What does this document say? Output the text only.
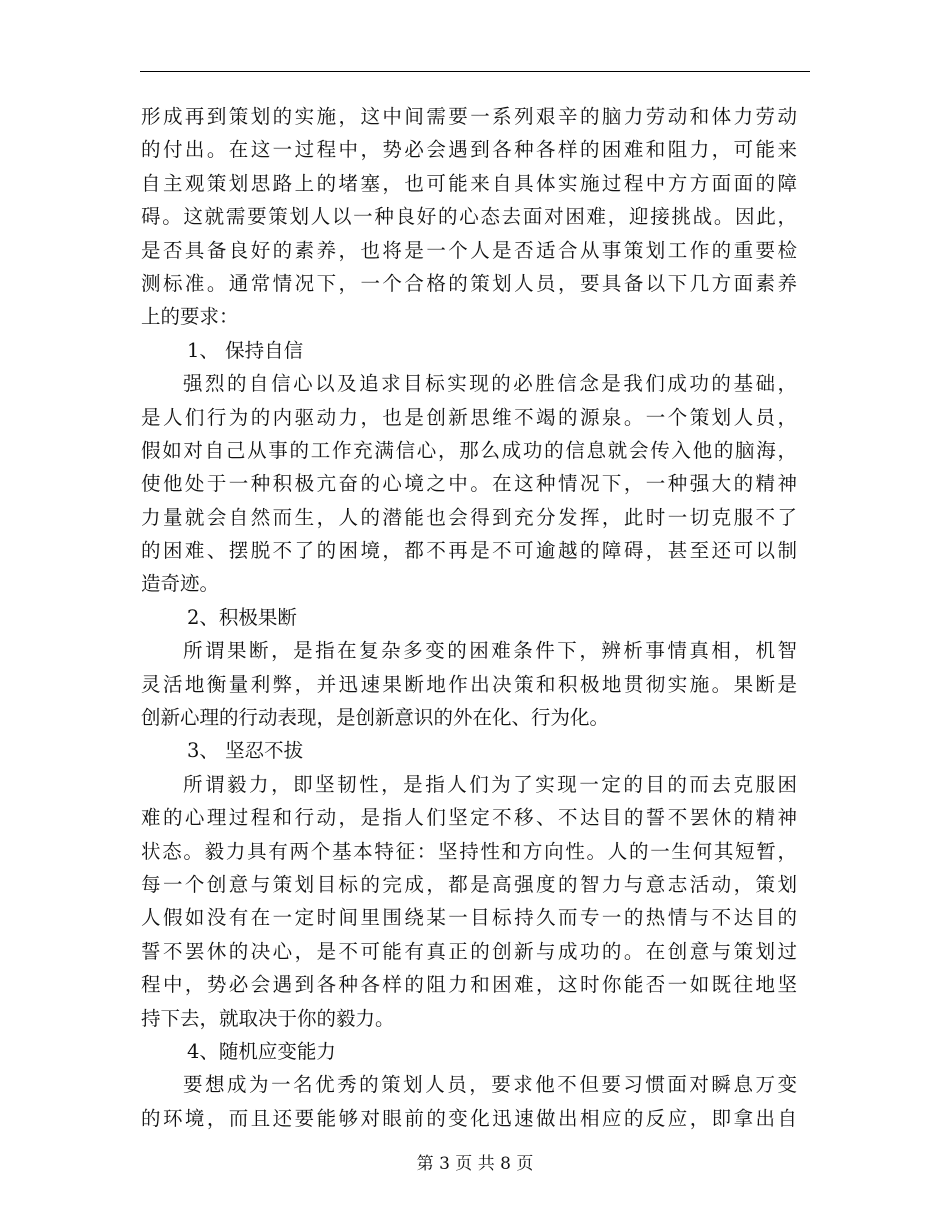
形成再到策划的实施，这中间需要一系列艰辛的脑力劳动和体力劳动
的付出。在这一过程中，势必会遇到各种各样的困难和阻力，可能来
自主观策划思路上的堵塞，也可能来自具体实施过程中方方面面的障
碍。这就需要策划人以一种良好的心态去面对困难，迎接挑战。因此，
是否具备良好的素养，也将是一个人是否适合从事策划工作的重要检
测标准。通常情况下，一个合格的策划人员，要具备以下几方面素养
上的要求：
1、 保持自信
强烈的自信心以及追求目标实现的必胜信念是我们成功的基础，
是人们行为的内驱动力，也是创新思维不竭的源泉。一个策划人员，
假如对自己从事的工作充满信心，那么成功的信息就会传入他的脑海，
使他处于一种积极亢奋的心境之中。在这种情况下，一种强大的精神
力量就会自然而生，人的潜能也会得到充分发挥，此时一切克服不了
的困难、摆脱不了的困境，都不再是不可逾越的障碍，甚至还可以制
造奇迹。
2、积极果断
所谓果断，是指在复杂多变的困难条件下，辨析事情真相，机智
灵活地衡量利弊，并迅速果断地作出决策和积极地贯彻实施。果断是
创新心理的行动表现，是创新意识的外在化、行为化。
3、 坚忍不拔
所谓毅力，即坚韧性，是指人们为了实现一定的目的而去克服困
难的心理过程和行动，是指人们坚定不移、不达目的誓不罢休的精神
状态。毅力具有两个基本特征：坚持性和方向性。人的一生何其短暂，
每一个创意与策划目标的完成，都是高强度的智力与意志活动，策划
人假如没有在一定时间里围绕某一目标持久而专一的热情与不达目的
誓不罢休的决心，是不可能有真正的创新与成功的。在创意与策划过
程中，势必会遇到各种各样的阻力和困难，这时你能否一如既往地坚
持下去，就取决于你的毅力。
4、随机应变能力
要想成为一名优秀的策划人员，要求他不但要习惯面对瞬息万变
的环境，而且还要能够对眼前的变化迅速做出相应的反应，即拿出自
第 3 页 共 8 页
